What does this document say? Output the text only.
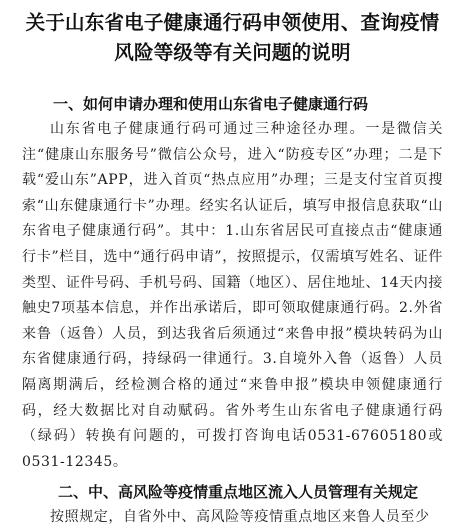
关于山东省电子健康通行码申领使用、查询疫情风险等级等有关问题的说明
一、如何申请办理和使用山东省电子健康通行码

山东省电子健康通行码可通过三种途径办理。一是微信关注“健康山东服务号”微信公众号，进入“防疫专区”办理；二是下载“爱山东”APP，进入首页“热点应用”办理；三是支付宝首页搜索“山东健康通行卡”办理。经实名认证后，填写申报信息获取“山东省电子健康通行码”。其中：1.山东省居民可直接点击“健康通行卡”栏目，选中“通行码申请”，按照提示，仅需填写姓名、证件类型、证件号码、手机号码、国籍（地区）、居住地址、14天内接触史7项基本信息，并作出承诺后，即可领取健康通行码。2.外省来鲁（返鲁）人员，到达我省后须通过“来鲁申报”模块转码为山东省健康通行码，持绿码一律通行。3.自境外入鲁（返鲁）人员隔离期满后，经检测合格的通过“来鲁申报”模块申领健康通行码，经大数据比对自动赋码。省外考生山东省电子健康通行码（绿码）转换有问题的，可拨打咨询电话0531-67605180或0531-12345。

二、中、高风险等疫情重点地区流入人员管理有关规定

按照规定，自省外中、高风险等疫情重点地区来鲁人员至少
